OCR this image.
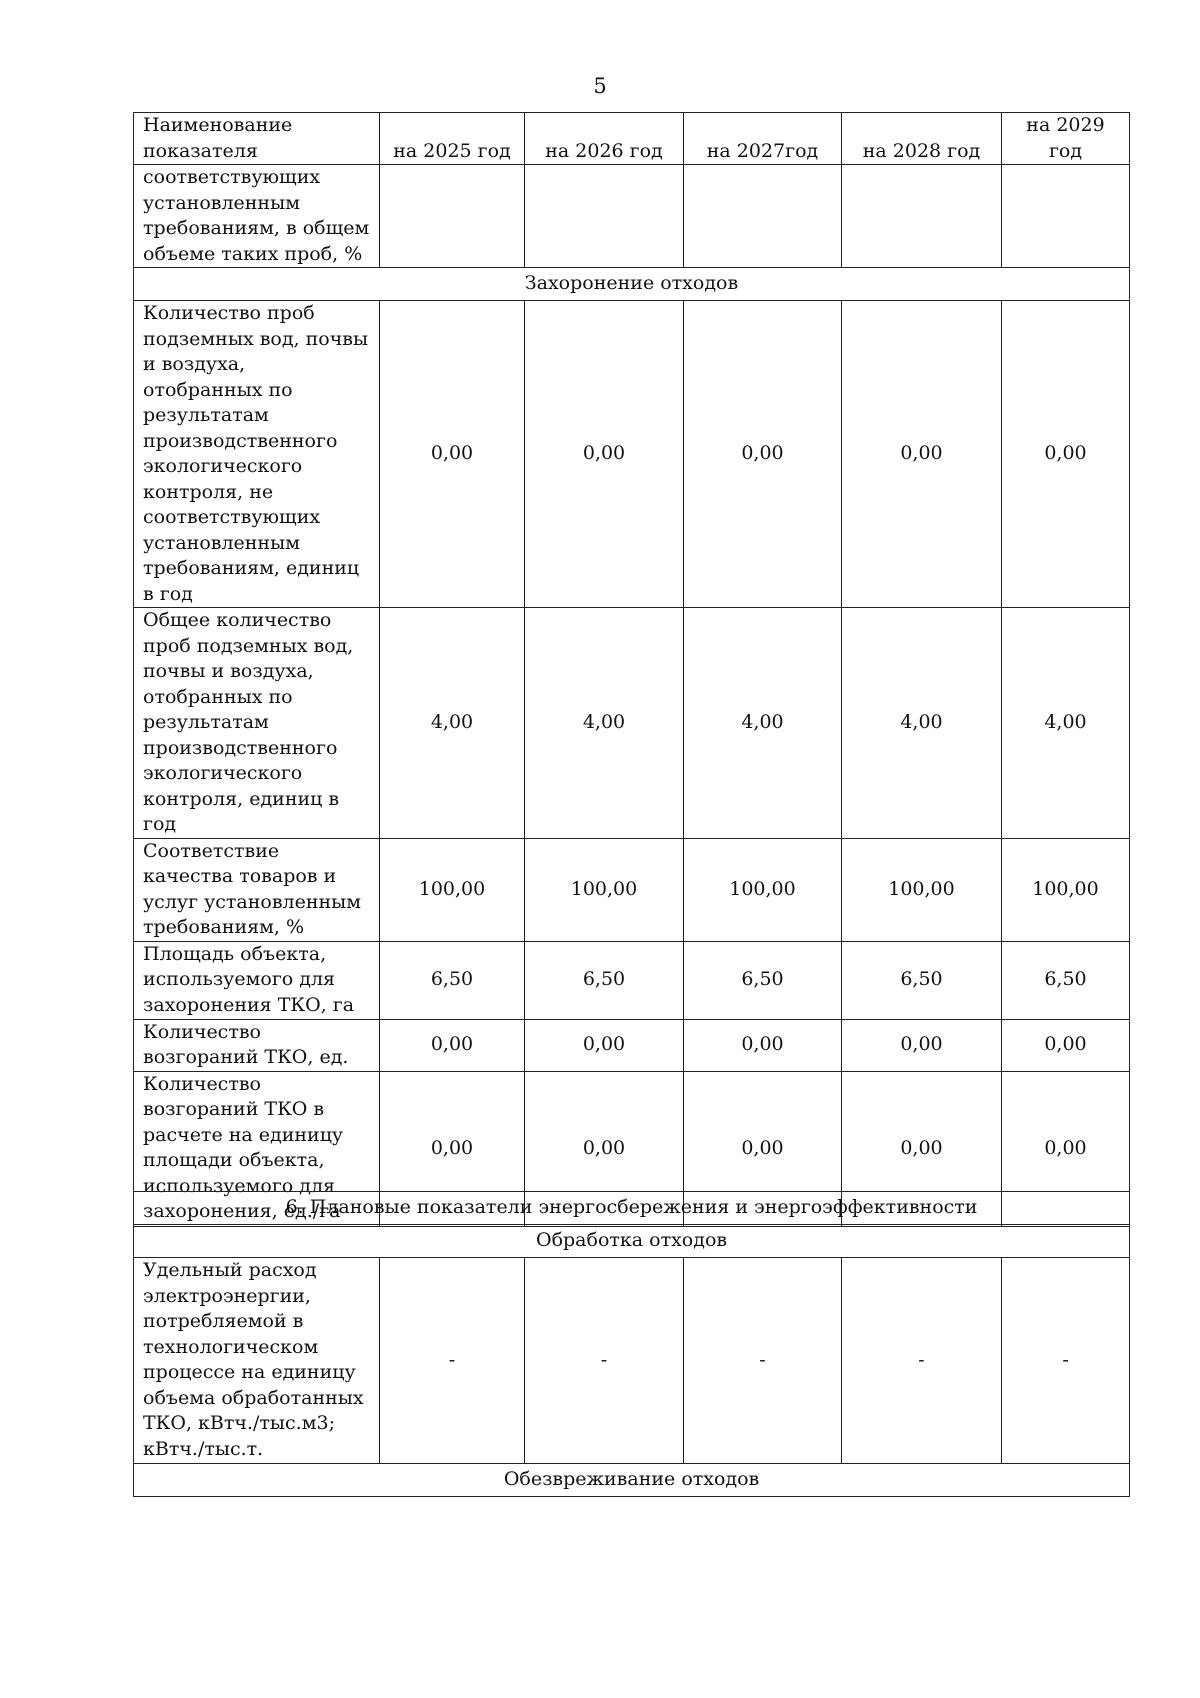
5
Наименование показателя	на 2025 год	на 2026 год	на 2027год	на 2028 год	на 2029 год
соответствующих установленным требованиям, в общем объеме таких проб, %					
Захоронение отходов					
Количество проб подземных вод, почвы и воздуха, отобранных по результатам производственного экологического контроля, не соответствующих установленным требованиям, единиц в год	0,00	0,00	0,00	0,00	0,00
Общее количество проб подземных вод, почвы и воздуха, отобранных по результатам производственного экологического контроля, единиц в год	4,00	4,00	4,00	4,00	4,00
Соответствие качества товаров и услуг установленным требованиям, %	100,00	100,00	100,00	100,00	100,00
Площадь объекта, используемого для захоронения ТКО, га	6,50	6,50	6,50	6,50	6,50
Количество возгораний ТКО, ед.	0,00	0,00	0,00	0,00	0,00
Количество возгораний ТКО в расчете на единицу площади объекта, используемого для захоронения, ед./га	0,00	0,00	0,00	0,00	0,00
6. Плановые показатели энергосбережения и энергоэффективности
Обработка отходов
Удельный расход электроэнергии, потребляемой в технологическом процессе на единицу объема обработанных ТКО, кВтч./тыс.м3; кВтч./тыс.т.	-	-	-	-	-
Обезвреживание отходов
